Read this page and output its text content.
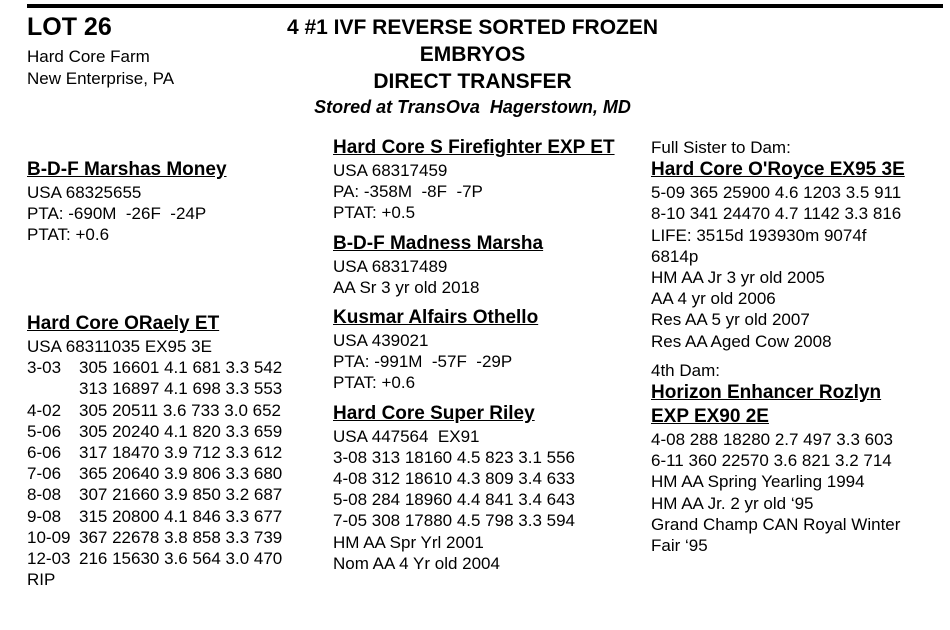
LOT 26
Hard Core Farm
New Enterprise, PA
4 #1 IVF REVERSE SORTED FROZEN EMBRYOS
DIRECT TRANSFER
Stored at TransOva  Hagerstown, MD
B-D-F Marshas Money
USA 68325655
PTA: -690M  -26F  -24P
PTAT: +0.6
Hard Core ORaely ET
USA 68311035 EX95 3E
3-03	305 16601 4.1 681 3.3 542
313 16897 4.1 698 3.3 553
4-02	305 20511 3.6 733 3.0 652
5-06	305 20240 4.1 820 3.3 659
6-06	317 18470 3.9 712 3.3 612
7-06	365 20640 3.9 806 3.3 680
8-08	307 21660 3.9 850 3.2 687
9-08	315 20800 4.1 846 3.3 677
10-09 367 22678 3.8 858 3.3 739
12-03 216 15630 3.6 564 3.0 470
RIP
Hard Core S Firefighter EXP ET
USA 68317459
PA: -358M  -8F  -7P
PTAT: +0.5
B-D-F Madness Marsha
USA 68317489
AA Sr 3 yr old 2018
Kusmar Alfairs Othello
USA 439021
PTA: -991M  -57F  -29P
PTAT: +0.6
Hard Core Super Riley
USA 447564  EX91
3-08 313 18160 4.5 823 3.1 556
4-08 312 18610 4.3 809 3.4 633
5-08 284 18960 4.4 841 3.4 643
7-05 308 17880 4.5 798 3.3 594
HM AA Spr Yrl 2001
Nom AA 4 Yr old 2004
Full Sister to Dam:
Hard Core O'Royce EX95 3E
5-09 365 25900 4.6 1203 3.5 911
8-10 341 24470 4.7 1142 3.3 816
LIFE: 3515d 193930m 9074f
6814p
HM AA Jr 3 yr old 2005
AA 4 yr old 2006
Res AA 5 yr old 2007
Res AA Aged Cow 2008
4th Dam:
Horizon Enhancer Rozlyn
EXP EX90 2E
4-08 288 18280 2.7 497 3.3 603
6-11 360 22570 3.6 821 3.2 714
HM AA Spring Yearling 1994
HM AA Jr. 2 yr old ‘95
Grand Champ CAN Royal Winter
Fair ‘95
